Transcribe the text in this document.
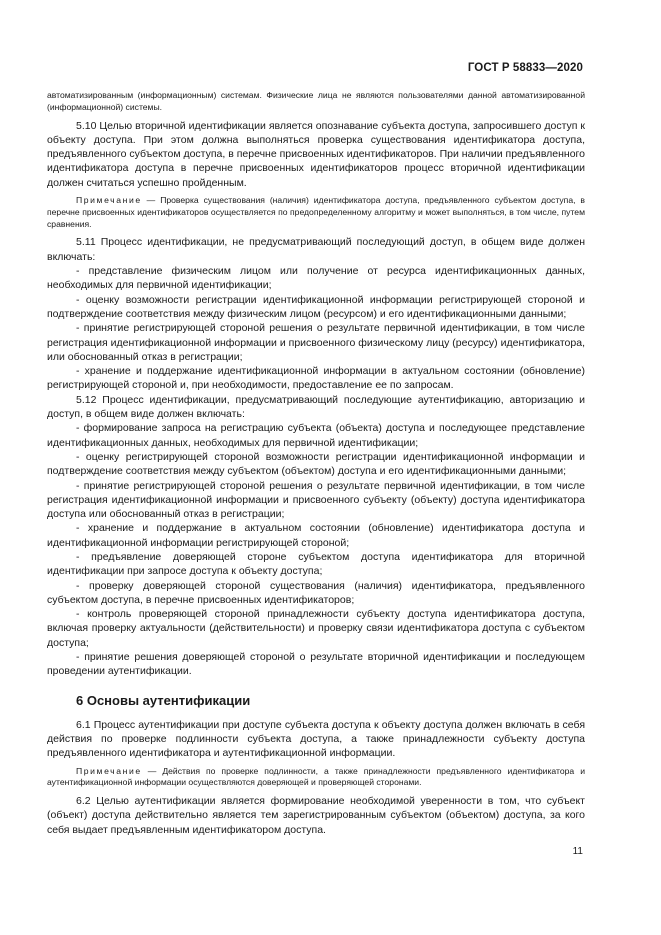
ГОСТ Р 58833—2020

автоматизированным (информационным) системам. Физические лица не являются пользователями данной автоматизированной (информационной) системы.

5.10 Целью вторичной идентификации является опознавание субъекта доступа, запросившего доступ к объекту доступа. При этом должна выполняться проверка существования идентификатора доступа, предъявленного субъектом доступа, в перечне присвоенных идентификаторов. При наличии предъявленного идентификатора доступа в перечне присвоенных идентификаторов процесс вторичной идентификации должен считаться успешно пройденным.

Примечание — Проверка существования (наличия) идентификатора доступа, предъявленного субъектом доступа, в перечне присвоенных идентификаторов осуществляется по предопределенному алгоритму и может выполняться, в том числе, путем сравнения.

5.11 Процесс идентификации, не предусматривающий последующий доступ, в общем виде должен включать:

- представление физическим лицом или получение от ресурса идентификационных данных, необходимых для первичной идентификации;

- оценку возможности регистрации идентификационной информации регистрирующей стороной и подтверждение соответствия между физическим лицом (ресурсом) и его идентификационными данными;

- принятие регистрирующей стороной решения о результате первичной идентификации, в том числе регистрация идентификационной информации и присвоенного физическому лицу (ресурсу) идентификатора, или обоснованный отказ в регистрации;

- хранение и поддержание идентификационной информации в актуальном состоянии (обновление) регистрирующей стороной и, при необходимости, предоставление ее по запросам.

5.12 Процесс идентификации, предусматривающий последующие аутентификацию, авторизацию и доступ, в общем виде должен включать:

- формирование запроса на регистрацию субъекта (объекта) доступа и последующее представление идентификационных данных, необходимых для первичной идентификации;

- оценку регистрирующей стороной возможности регистрации идентификационной информации и подтверждение соответствия между субъектом (объектом) доступа и его идентификационными данными;

- принятие регистрирующей стороной решения о результате первичной идентификации, в том числе регистрация идентификационной информации и присвоенного субъекту (объекту) доступа идентификатора доступа или обоснованный отказ в регистрации;

- хранение и поддержание в актуальном состоянии (обновление) идентификатора доступа и идентификационной информации регистрирующей стороной;

- предъявление доверяющей стороне субъектом доступа идентификатора для вторичной идентификации при запросе доступа к объекту доступа;

- проверку доверяющей стороной существования (наличия) идентификатора, предъявленного субъектом доступа, в перечне присвоенных идентификаторов;

- контроль проверяющей стороной принадлежности субъекту доступа идентификатора доступа, включая проверку актуальности (действительности) и проверку связи идентификатора доступа с субъектом доступа;

- принятие решения доверяющей стороной о результате вторичной идентификации и последующем проведении аутентификации.

6 Основы аутентификации

6.1 Процесс аутентификации при доступе субъекта доступа к объекту доступа должен включать в себя действия по проверке подлинности субъекта доступа, а также принадлежности субъекту доступа предъявленного идентификатора и аутентификационной информации.

Примечание — Действия по проверке подлинности, а также принадлежности предъявленного идентификатора и аутентификационной информации осуществляются доверяющей и проверяющей сторонами.

6.2 Целью аутентификации является формирование необходимой уверенности в том, что субъект (объект) доступа действительно является тем зарегистрированным субъектом (объектом) доступа, за кого себя выдает предъявленным идентификатором доступа.

11
